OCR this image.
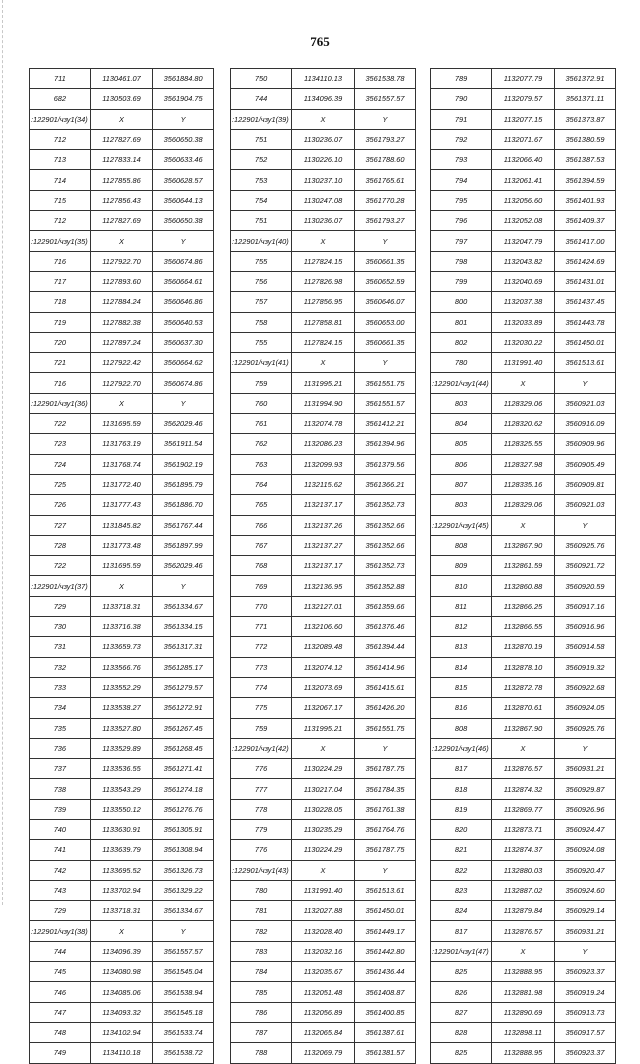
765
711	1130461.07	3561884.80
682	1130503.69	3561904.75
:122901/чзу1(34)	X	Y
712	1127827.69	3560650.38
713	1127833.14	3560633.46
714	1127855.86	3560628.57
715	1127856.43	3560644.13
712	1127827.69	3560650.38
:122901/чзу1(35)	X	Y
716	1127922.70	3560674.86
717	1127893.60	3560664.61
718	1127884.24	3560646.86
719	1127882.38	3560640.53
720	1127897.24	3560637.30
721	1127922.42	3560664.62
716	1127922.70	3560674.86
:122901/чзу1(36)	X	Y
722	1131695.59	3562029.46
723	1131763.19	3561911.54
724	1131768.74	3561902.19
725	1131772.40	3561895.79
726	1131777.43	3561886.70
727	1131845.82	3561767.44
728	1131773.48	3561897.99
722	1131695.59	3562029.46
:122901/чзу1(37)	X	Y
729	1133718.31	3561334.67
730	1133716.38	3561334.15
731	1133659.73	3561317.31
732	1133566.76	3561285.17
733	1133552.29	3561279.57
734	1133538.27	3561272.91
735	1133527.80	3561267.45
736	1133529.89	3561268.45
737	1133536.55	3561271.41
738	1133543.29	3561274.18
739	1133550.12	3561276.76
740	1133630.91	3561305.91
741	1133639.79	3561308.94
742	1133695.52	3561326.73
743	1133702.94	3561329.22
729	1133718.31	3561334.67
:122901/чзу1(38)	X	Y
744	1134096.39	3561557.57
745	1134080.98	3561545.04
746	1134085.06	3561538.94
747	1134093.32	3561545.18
748	1134102.94	3561533.74
749	1134110.18	3561538.72
750	1134110.13	3561538.78
744	1134096.39	3561557.57
:122901/чзу1(39)	X	Y
751	1130236.07	3561793.27
752	1130226.10	3561788.60
753	1130237.10	3561765.61
754	1130247.08	3561770.28
751	1130236.07	3561793.27
:122901/чзу1(40)	X	Y
755	1127824.15	3560661.35
756	1127826.98	3560652.59
757	1127856.95	3560646.07
758	1127858.81	3560653.00
755	1127824.15	3560661.35
:122901/чзу1(41)	X	Y
759	1131995.21	3561551.75
760	1131994.90	3561551.57
761	1132074.78	3561412.21
762	1132086.23	3561394.96
763	1132099.93	3561379.56
764	1132115.62	3561366.21
765	1132137.17	3561352.73
766	1132137.26	3561352.66
767	1132137.27	3561352.66
768	1132137.17	3561352.73
769	1132136.95	3561352.88
770	1132127.01	3561359.66
771	1132106.60	3561376.46
772	1132089.48	3561394.44
773	1132074.12	3561414.96
774	1132073.69	3561415.61
775	1132067.17	3561426.20
759	1131995.21	3561551.75
:122901/чзу1(42)	X	Y
776	1130224.29	3561787.75
777	1130217.04	3561784.35
778	1130228.05	3561761.38
779	1130235.29	3561764.76
776	1130224.29	3561787.75
:122901/чзу1(43)	X	Y
780	1131991.40	3561513.61
781	1132027.88	3561450.01
782	1132028.40	3561449.17
783	1132032.16	3561442.80
784	1132035.67	3561436.44
785	1132051.48	3561408.87
786	1132056.89	3561400.85
787	1132065.84	3561387.61
788	1132069.79	3561381.57
789	1132077.79	3561372.91
790	1132079.57	3561371.11
791	1132077.15	3561373.87
792	1132071.67	3561380.59
793	1132066.40	3561387.53
794	1132061.41	3561394.59
795	1132056.60	3561401.93
796	1132052.08	3561409.37
797	1132047.79	3561417.00
798	1132043.82	3561424.69
799	1132040.69	3561431.01
800	1132037.38	3561437.45
801	1132033.89	3561443.78
802	1132030.22	3561450.01
780	1131991.40	3561513.61
:122901/чзу1(44)	X	Y
803	1128329.06	3560921.03
804	1128320.62	3560916.09
805	1128325.55	3560909.96
806	1128327.98	3560905.49
807	1128335.16	3560909.81
803	1128329.06	3560921.03
:122901/чзу1(45)	X	Y
808	1132867.90	3560925.76
809	1132861.59	3560921.72
810	1132860.88	3560920.59
811	1132866.25	3560917.16
812	1132866.55	3560916.96
813	1132870.19	3560914.58
814	1132878.10	3560919.32
815	1132872.78	3560922.68
816	1132870.61	3560924.05
808	1132867.90	3560925.76
:122901/чзу1(46)	X	Y
817	1132876.57	3560931.21
818	1132874.32	3560929.87
819	1132869.77	3560926.96
820	1132873.71	3560924.47
821	1132874.37	3560924.08
822	1132880.03	3560920.47
823	1132887.02	3560924.60
824	1132879.84	3560929.14
817	1132876.57	3560931.21
:122901/чзу1(47)	X	Y
825	1132888.95	3560923.37
826	1132881.98	3560919.24
827	1132890.69	3560913.73
828	1132898.11	3560917.57
825	1132888.95	3560923.37
